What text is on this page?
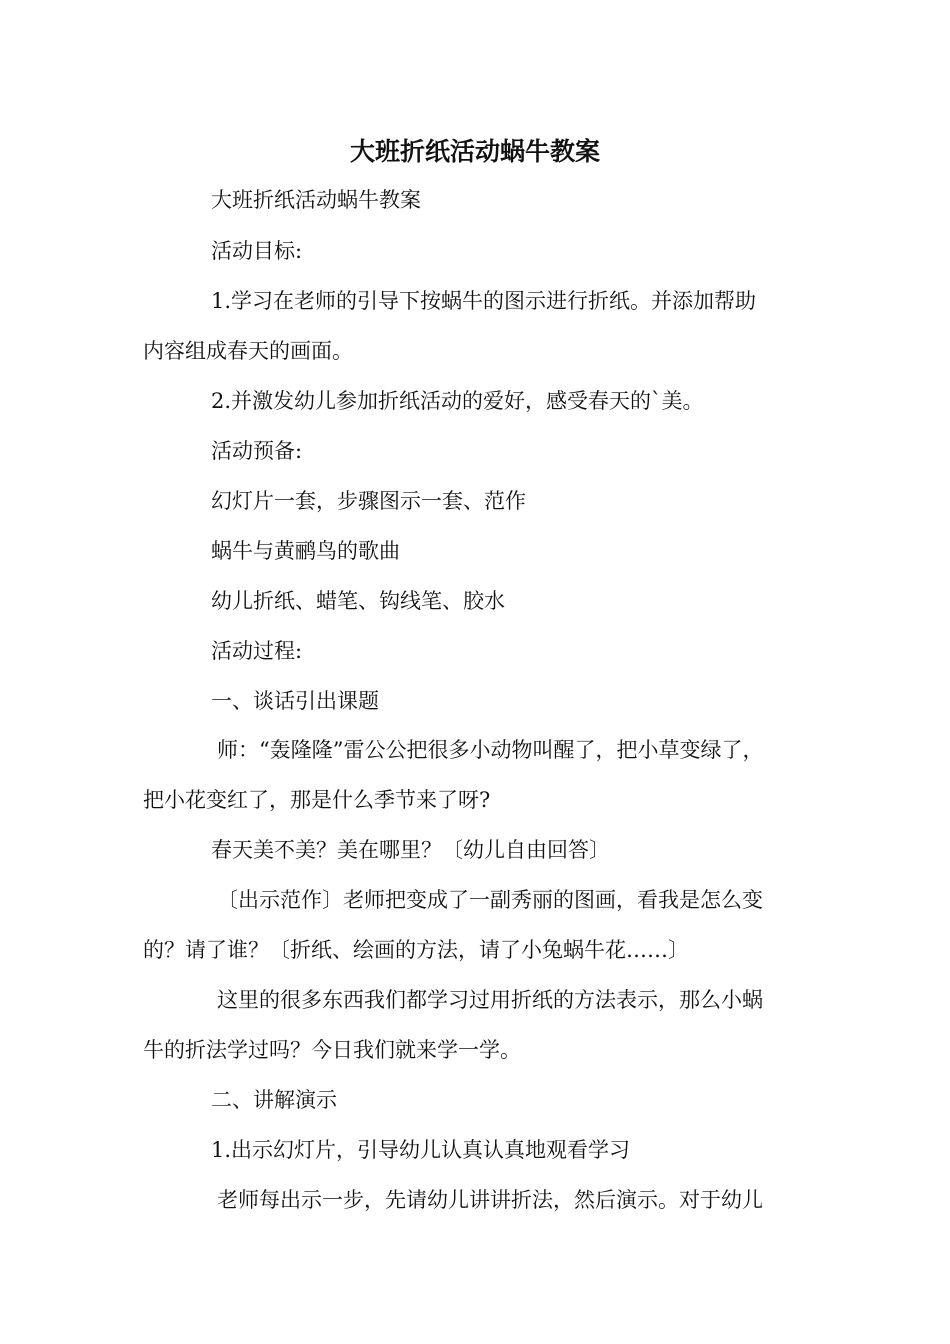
大班折纸活动蜗牛教案
大班折纸活动蜗牛教案
活动目标:
1.学习在老师的引导下按蜗牛的图示进行折纸。并添加帮助
内容组成春天的画面。
2.并激发幼儿参加折纸活动的爱好，感受春天的`美。
活动预备:
幻灯片一套，步骤图示一套、范作
蜗牛与黄鹂鸟的歌曲
幼儿折纸、蜡笔、钩线笔、胶水
活动过程:
一、谈话引出课题
师：“轰隆隆”雷公公把很多小动物叫醒了，把小草变绿了，
把小花变红了，那是什么季节来了呀?
春天美不美？美在哪里？〔幼儿自由回答〕
〔出示范作〕老师把变成了一副秀丽的图画，看我是怎么变
的？请了谁？〔折纸、绘画的方法，请了小兔蜗牛花……〕
这里的很多东西我们都学习过用折纸的方法表示，那么小蜗
牛的折法学过吗？今日我们就来学一学。
二、讲解演示
1.出示幻灯片，引导幼儿认真认真地观看学习
老师每出示一步，先请幼儿讲讲折法，然后演示。对于幼儿
